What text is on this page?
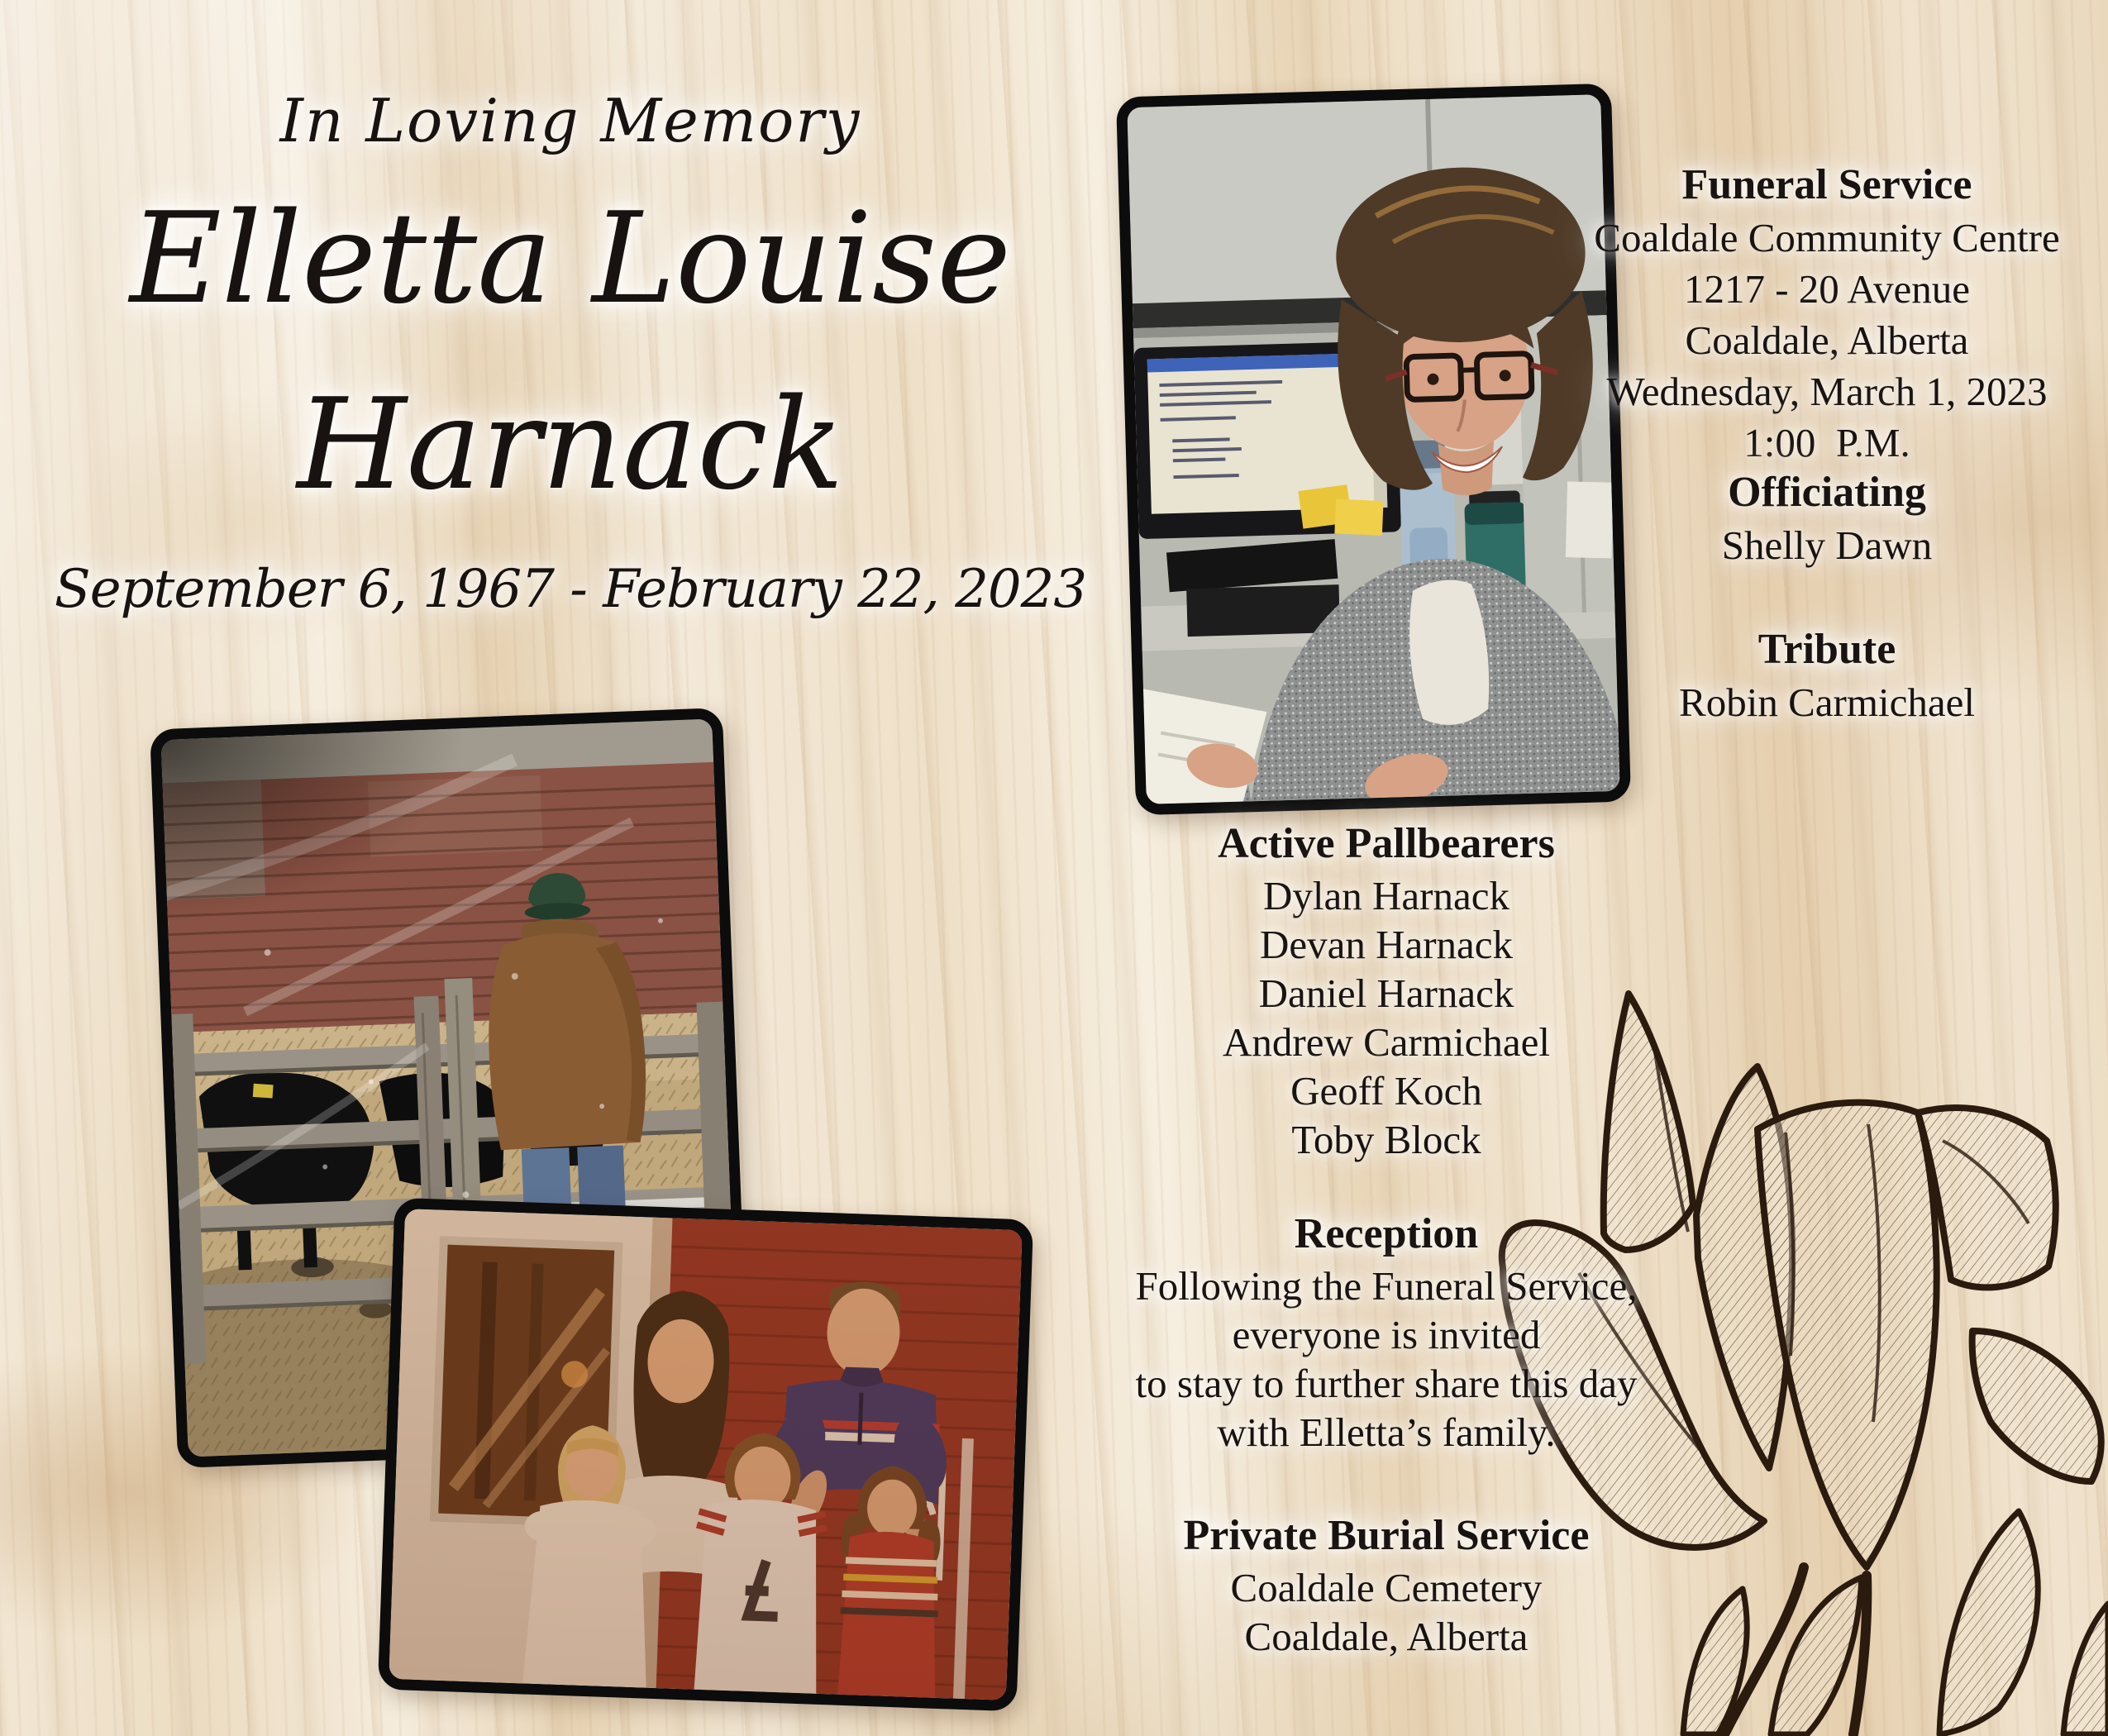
In Loving Memory
Elletta Louise
Harnack
September 6, 1967 - February 22, 2023
Funeral Service
Coaldale Community Centre
1217 - 20 Avenue
Coaldale, Alberta
Wednesday, March 1, 2023
1:00  P.M.
Officiating
Shelly Dawn
Tribute
Robin Carmichael
Active Pallbearers
Dylan Harnack
Devan Harnack
Daniel Harnack
Andrew Carmichael
Geoff Koch
Toby Block
Reception
Following the Funeral Service,
everyone is invited
to stay to further share this day
with Elletta’s family.
Private Burial Service
Coaldale Cemetery
Coaldale, Alberta
